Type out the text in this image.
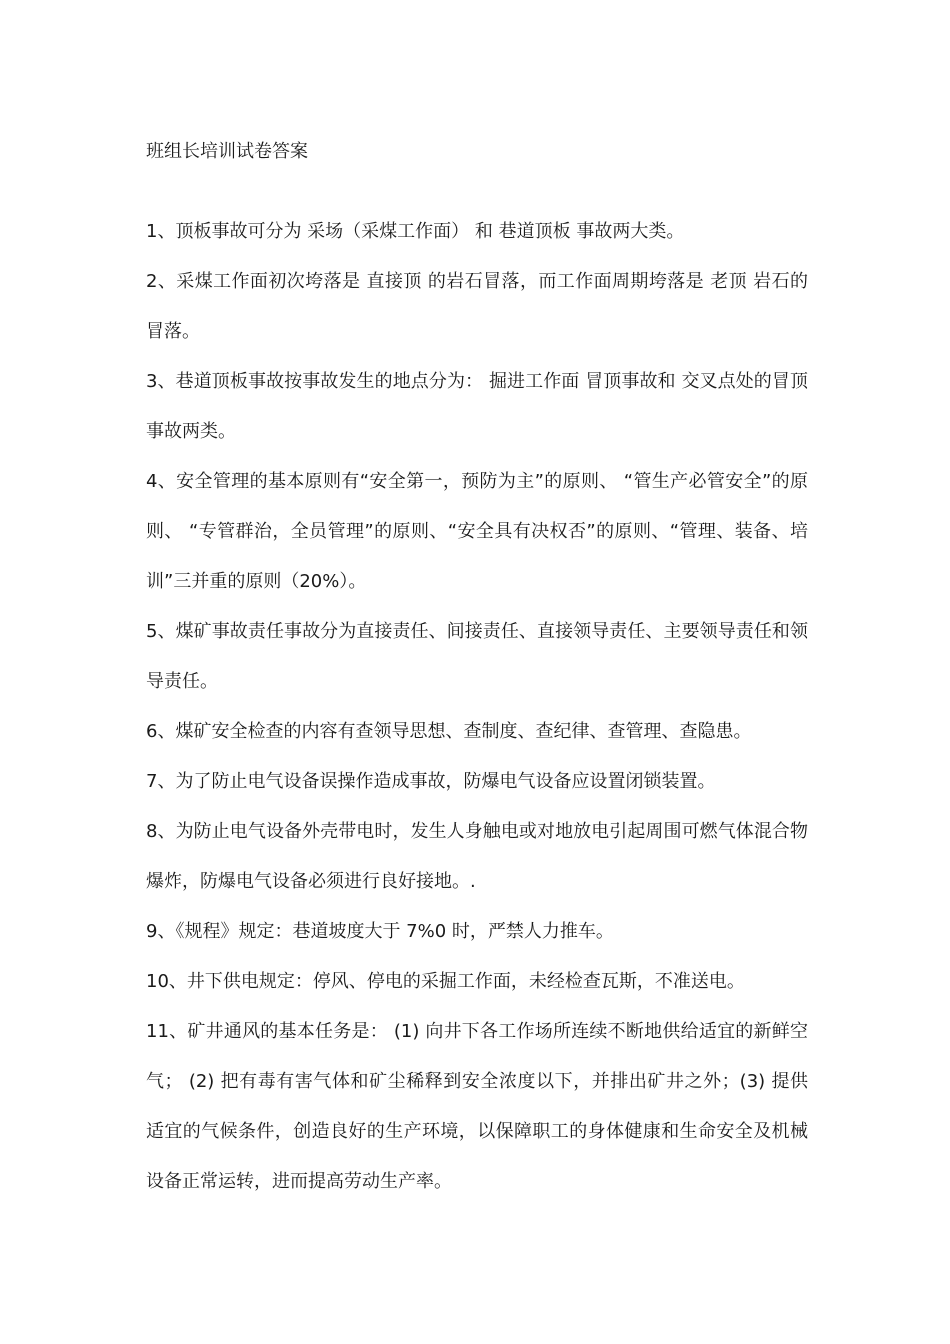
班组长培训试卷答案

1、顶板事故可分为 采场（采煤工作面） 和 巷道顶板 事故两大类。

2、采煤工作面初次垮落是 直接顶 的岩石冒落，而工作面周期垮落是 老顶 岩石的冒落。

3、巷道顶板事故按事故发生的地点分为： 掘进工作面 冒顶事故和 交叉点处的冒顶事故两类。

4、安全管理的基本原则有“安全第一，预防为主”的原则、 “管生产必管安全”的原则、 “专管群治，全员管理”的原则、“安全具有决权否”的原则、“管理、装备、培训”三并重的原则（20%）。

5、煤矿事故责任事故分为直接责任、间接责任、直接领导责任、主要领导责任和领导责任。

6、煤矿安全检查的内容有查领导思想、查制度、查纪律、查管理、查隐患。

7、为了防止电气设备误操作造成事故，防爆电气设备应设置闭锁装置。

8、为防止电气设备外壳带电时，发生人身触电或对地放电引起周围可燃气体混合物爆炸，防爆电气设备必须进行良好接地。.

9、《规程》规定：巷道坡度大于 7%0 时，严禁人力推车。

10、井下供电规定：停风、停电的采掘工作面，未经检查瓦斯，不准送电。

11、矿井通风的基本任务是： (1) 向井下各工作场所连续不断地供给适宜的新鲜空气； (2) 把有毒有害气体和矿尘稀释到安全浓度以下，并排出矿井之外；(3) 提供适宜的气候条件，创造良好的生产环境，以保障职工的身体健康和生命安全及机械设备正常运转，进而提高劳动生产率。
